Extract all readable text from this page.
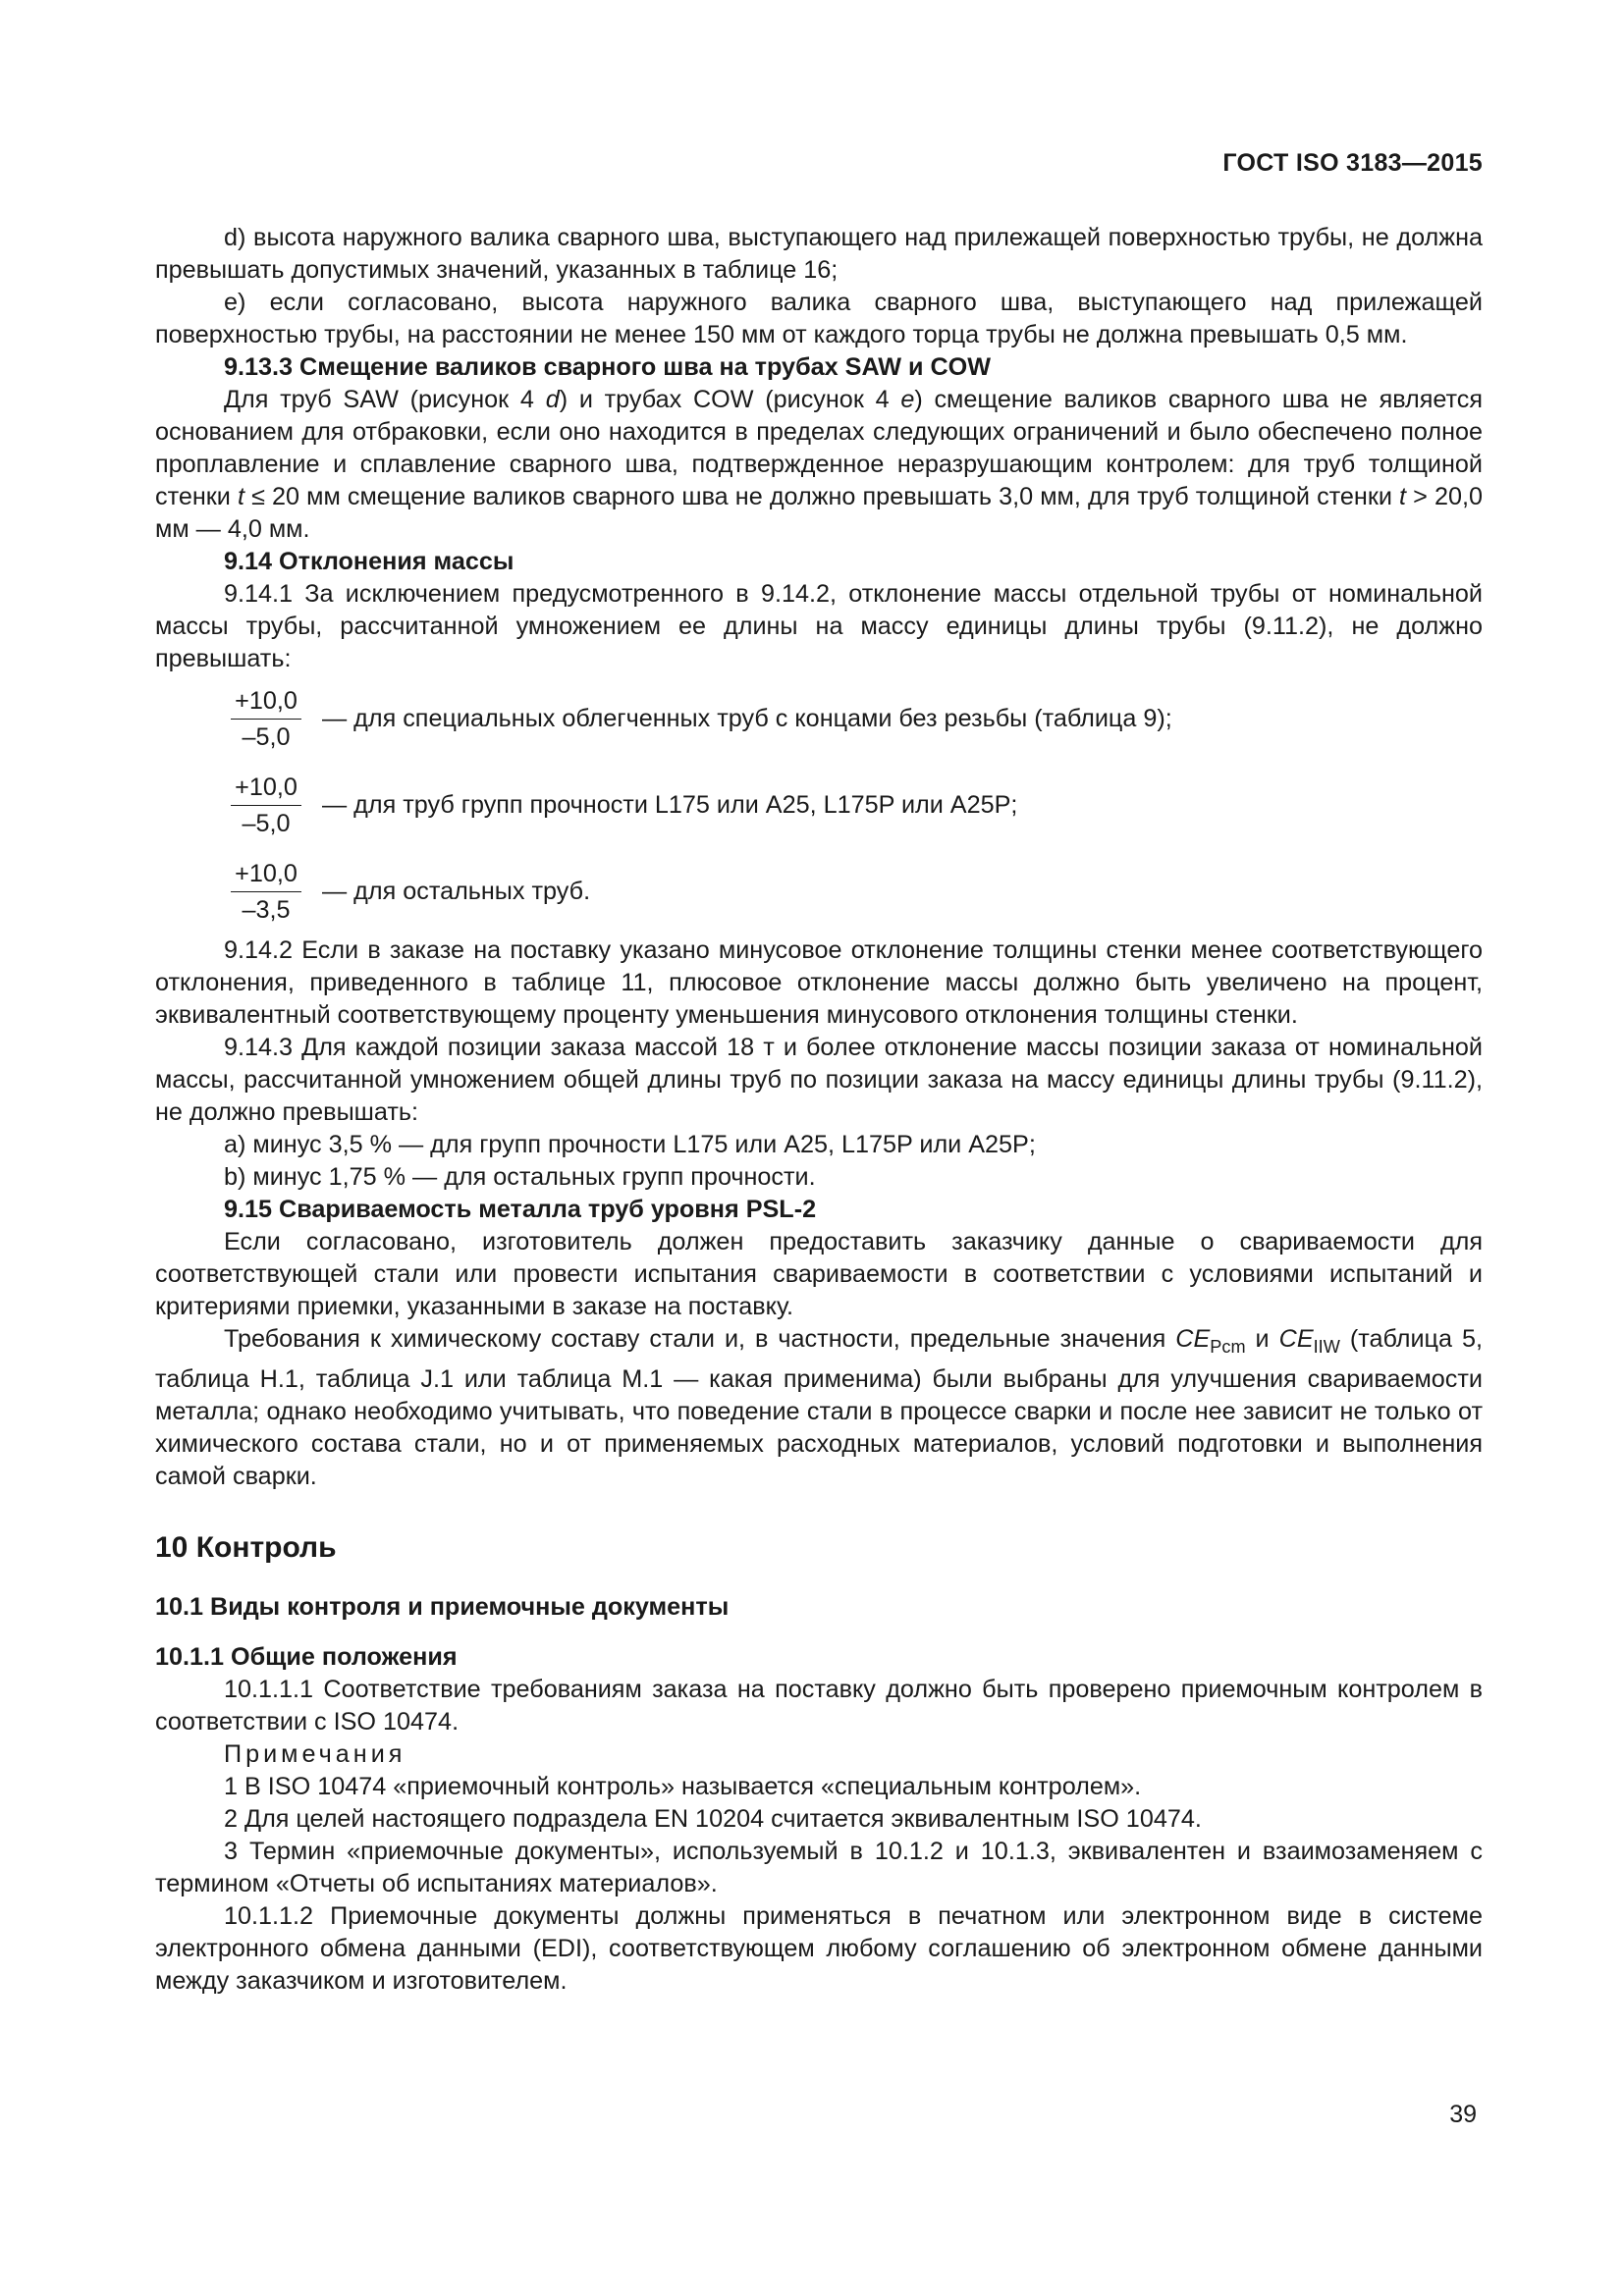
ГОСТ ISO 3183—2015

d) высота наружного валика сварного шва, выступающего над прилежащей поверхностью трубы, не должна превышать допустимых значений, указанных в таблице 16;

e) если согласовано, высота наружного валика сварного шва, выступающего над прилежащей поверхностью трубы, на расстоянии не менее 150 мм от каждого торца трубы не должна превышать 0,5 мм.

9.13.3 Смещение валиков сварного шва на трубах SAW и COW

Для труб SAW (рисунок 4 d) и трубах COW (рисунок 4 e) смещение валиков сварного шва не является основанием для отбраковки, если оно находится в пределах следующих ограничений и было обеспечено полное проплавление и сплавление сварного шва, подтвержденное неразрушающим контролем: для труб толщиной стенки t ≤ 20 мм смещение валиков сварного шва не должно превышать 3,0 мм, для труб толщиной стенки t > 20,0 мм — 4,0 мм.

9.14 Отклонения массы

9.14.1 За исключением предусмотренного в 9.14.2, отклонение массы отдельной трубы от номинальной массы трубы, рассчитанной умножением ее длины на массу единицы длины трубы (9.11.2), не должно превышать:

$\frac{+10,0}{-5,0}$ — для специальных облегченных труб с концами без резьбы (таблица 9);
$\frac{+10,0}{-5,0}$ — для труб групп прочности L175 или A25, L175P или A25P;
$\frac{+10,0}{-3,5}$ — для остальных труб.

9.14.2 Если в заказе на поставку указано минусовое отклонение толщины стенки менее соответствующего отклонения, приведенного в таблице 11, плюсовое отклонение массы должно быть увеличено на процент, эквивалентный соответствующему проценту уменьшения минусового отклонения толщины стенки.

9.14.3 Для каждой позиции заказа массой 18 т и более отклонение массы позиции заказа от номинальной массы, рассчитанной умножением общей длины труб по позиции заказа на массу единицы длины трубы (9.11.2), не должно превышать:

a) минус 3,5 % — для групп прочности L175 или A25, L175P или A25P;

b) минус 1,75 % — для остальных групп прочности.

9.15 Свариваемость металла труб уровня PSL-2

Если согласовано, изготовитель должен предоставить заказчику данные о свариваемости для соответствующей стали или провести испытания свариваемости в соответствии с условиями испытаний и критериями приемки, указанными в заказе на поставку.

Требования к химическому составу стали и, в частности, предельные значения $CE_{Pcm}$ и $CE_{IIW}$ (таблица 5, таблица H.1, таблица J.1 или таблица M.1 — какая применима) были выбраны для улучшения свариваемости металла; однако необходимо учитывать, что поведение стали в процессе сварки и после нее зависит не только от химического состава стали, но и от применяемых расходных материалов, условий подготовки и выполнения самой сварки.

10 Контроль

10.1 Виды контроля и приемочные документы

10.1.1 Общие положения

10.1.1.1 Соответствие требованиям заказа на поставку должно быть проверено приемочным контролем в соответствии с ISO 10474.

Примечания

1 В ISO 10474 «приемочный контроль» называется «специальным контролем».

2 Для целей настоящего подраздела EN 10204 считается эквивалентным ISO 10474.

3 Термин «приемочные документы», используемый в 10.1.2 и 10.1.3, эквивалентен и взаимозаменяем с термином «Отчеты об испытаниях материалов».

10.1.1.2 Приемочные документы должны применяться в печатном или электронном виде в системе электронного обмена данными (EDI), соответствующем любому соглашению об электронном обмене данными между заказчиком и изготовителем.

39
